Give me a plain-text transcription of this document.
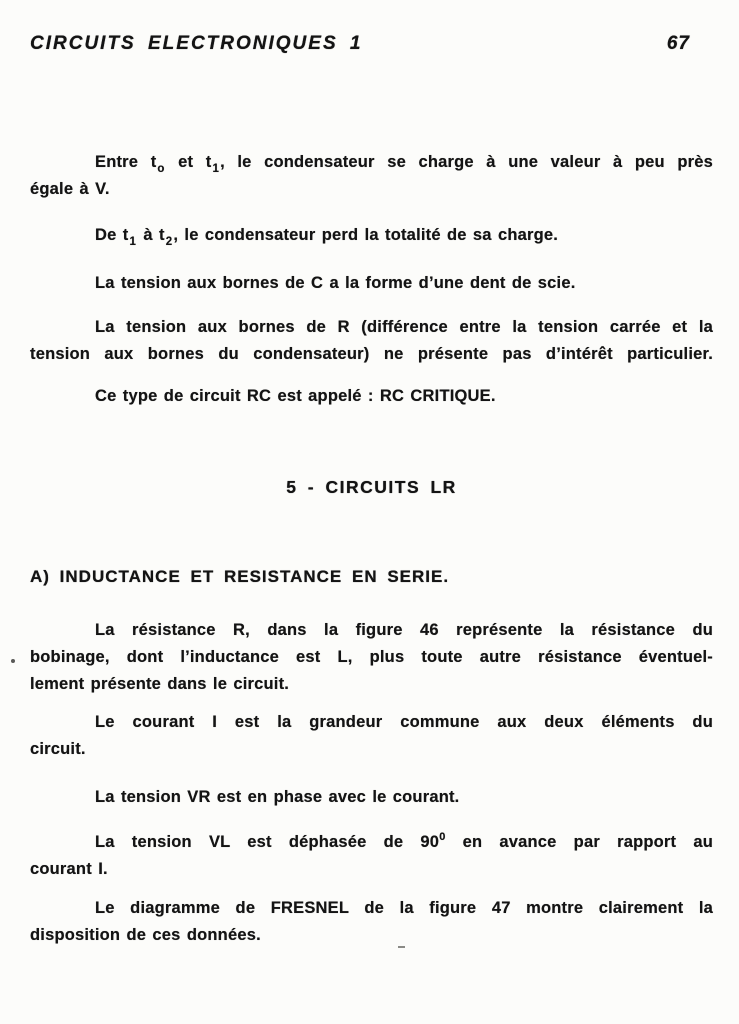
CIRCUITS ELECTRONIQUES 1	67
Entre $t_o$ et $t_1$, le condensateur se charge à une valeur à peu près
égale à V.
De $t_1$ à $t_2$, le condensateur perd la totalité de sa charge.
La tension aux bornes de C a la forme d’une dent de scie.
La tension aux bornes de R (différence entre la tension carrée et la
tension aux bornes du condensateur) ne présente pas d’intérêt particulier.
Ce type de circuit RC est appelé : RC CRITIQUE.
5 - CIRCUITS LR
A) INDUCTANCE ET RESISTANCE EN SERIE.
La résistance R, dans la figure 46 représente la résistance du
bobinage, dont l’inductance est L, plus toute autre résistance éventuel-
lement présente dans le circuit.
Le courant I est la grandeur commune aux deux éléments du
circuit.
La tension VR est en phase avec le courant.
La tension VL est déphasée de $90^0$ en avance par rapport au
courant I.
Le diagramme de FRESNEL de la figure 47 montre clairement la
disposition de ces données.
